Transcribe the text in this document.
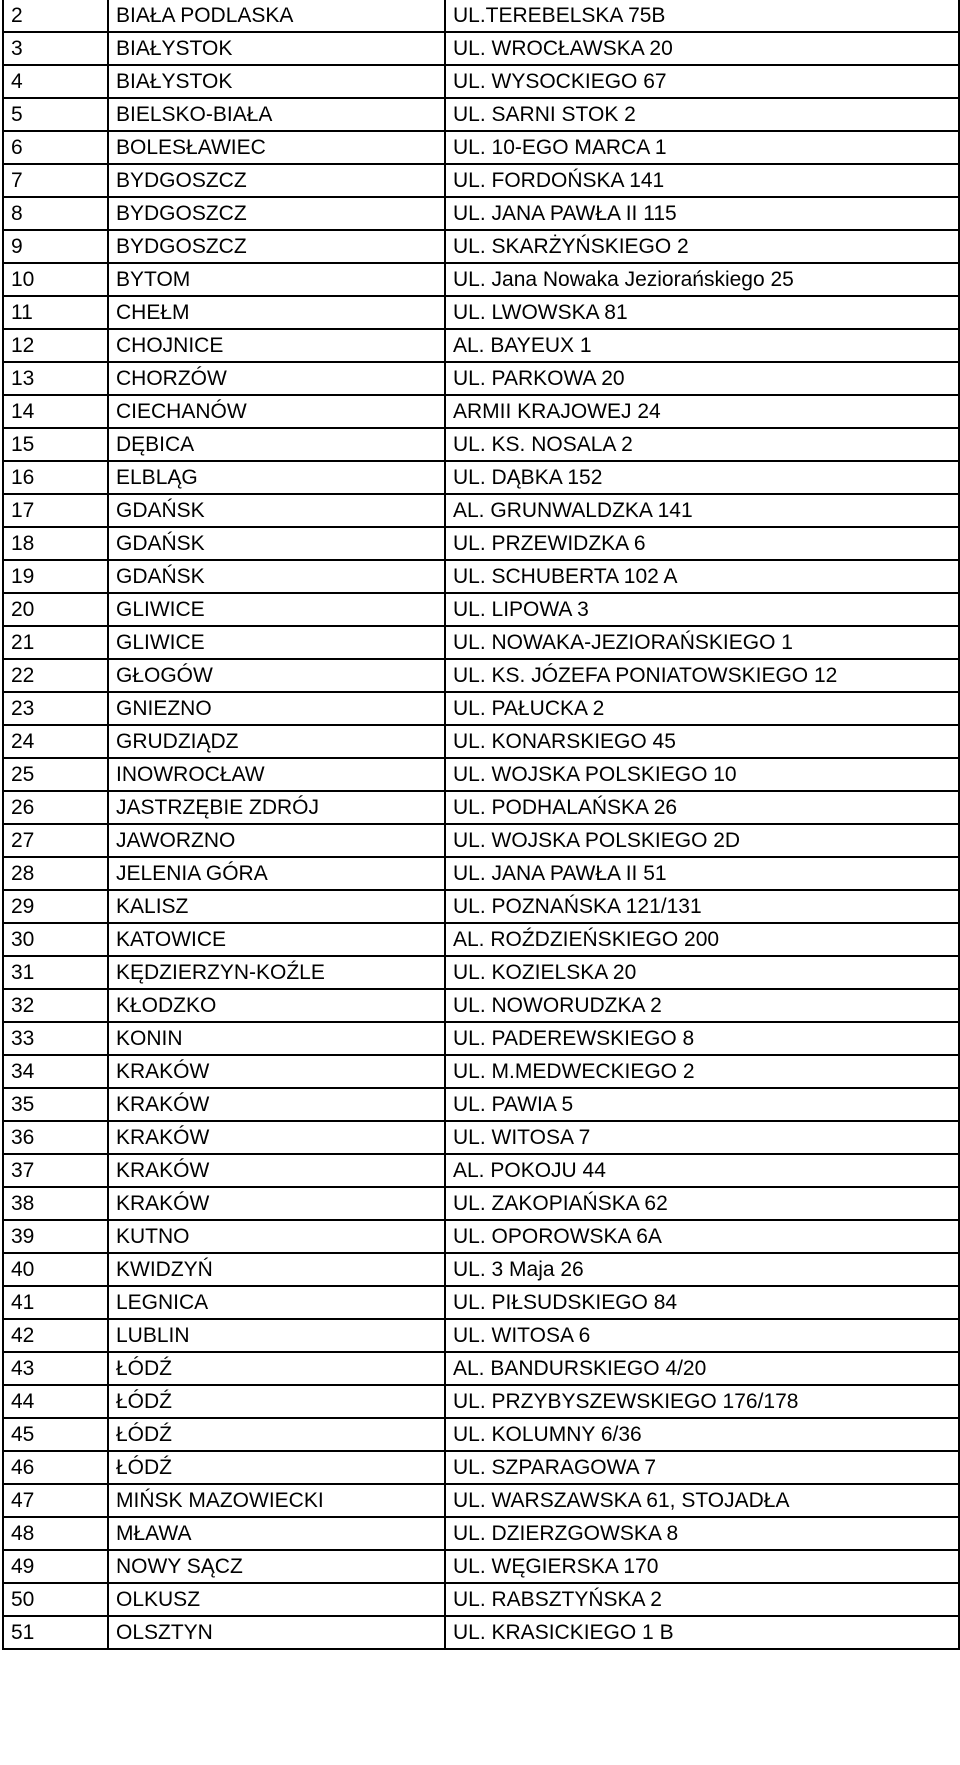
2	BIAŁA PODLASKA	UL.TEREBELSKA 75B
3	BIAŁYSTOK	UL. WROCŁAWSKA 20
4	BIAŁYSTOK	UL. WYSOCKIEGO 67
5	BIELSKO-BIAŁA	UL. SARNI STOK 2
6	BOLESŁAWIEC	UL. 10-EGO MARCA 1
7	BYDGOSZCZ	UL. FORDOŃSKA 141
8	BYDGOSZCZ	UL. JANA PAWŁA II 115
9	BYDGOSZCZ	UL. SKARŻYŃSKIEGO 2
10	BYTOM	UL. Jana Nowaka Jeziorańskiego 25
11	CHEŁM	UL. LWOWSKA 81
12	CHOJNICE	AL. BAYEUX 1
13	CHORZÓW	UL. PARKOWA 20
14	CIECHANÓW	ARMII KRAJOWEJ 24
15	DĘBICA	UL. KS. NOSALA 2
16	ELBLĄG	UL. DĄBKA 152
17	GDAŃSK	AL. GRUNWALDZKA 141
18	GDAŃSK	UL. PRZEWIDZKA 6
19	GDAŃSK	UL. SCHUBERTA 102 A
20	GLIWICE	UL. LIPOWA 3
21	GLIWICE	UL. NOWAKA-JEZIORAŃSKIEGO 1
22	GŁOGÓW	UL. KS. JÓZEFA PONIATOWSKIEGO 12
23	GNIEZNO	UL. PAŁUCKA 2
24	GRUDZIĄDZ	UL. KONARSKIEGO 45
25	INOWROCŁAW	UL. WOJSKA POLSKIEGO 10
26	JASTRZĘBIE ZDRÓJ	UL. PODHALAŃSKA 26
27	JAWORZNO	UL. WOJSKA POLSKIEGO 2D
28	JELENIA GÓRA	UL. JANA PAWŁA II 51
29	KALISZ	UL. POZNAŃSKA 121/131
30	KATOWICE	AL. ROŹDZIEŃSKIEGO 200
31	KĘDZIERZYN-KOŹLE	UL. KOZIELSKA 20
32	KŁODZKO	UL. NOWORUDZKA 2
33	KONIN	UL. PADEREWSKIEGO 8
34	KRAKÓW	UL. M.MEDWECKIEGO 2
35	KRAKÓW	UL. PAWIA 5
36	KRAKÓW	UL. WITOSA 7
37	KRAKÓW	AL. POKOJU 44
38	KRAKÓW	UL. ZAKOPIAŃSKA 62
39	KUTNO	UL. OPOROWSKA 6A
40	KWIDZYŃ	UL. 3 Maja 26
41	LEGNICA	UL. PIŁSUDSKIEGO 84
42	LUBLIN	UL. WITOSA 6
43	ŁÓDŹ	AL. BANDURSKIEGO 4/20
44	ŁÓDŹ	UL. PRZYBYSZEWSKIEGO 176/178
45	ŁÓDŹ	UL. KOLUMNY 6/36
46	ŁÓDŹ	UL. SZPARAGOWA 7
47	MIŃSK MAZOWIECKI	UL. WARSZAWSKA 61, STOJADŁA
48	MŁAWA	UL. DZIERZGOWSKA 8
49	NOWY SĄCZ	UL. WĘGIERSKA 170
50	OLKUSZ	UL. RABSZTYŃSKA 2
51	OLSZTYN	UL. KRASICKIEGO 1 B
